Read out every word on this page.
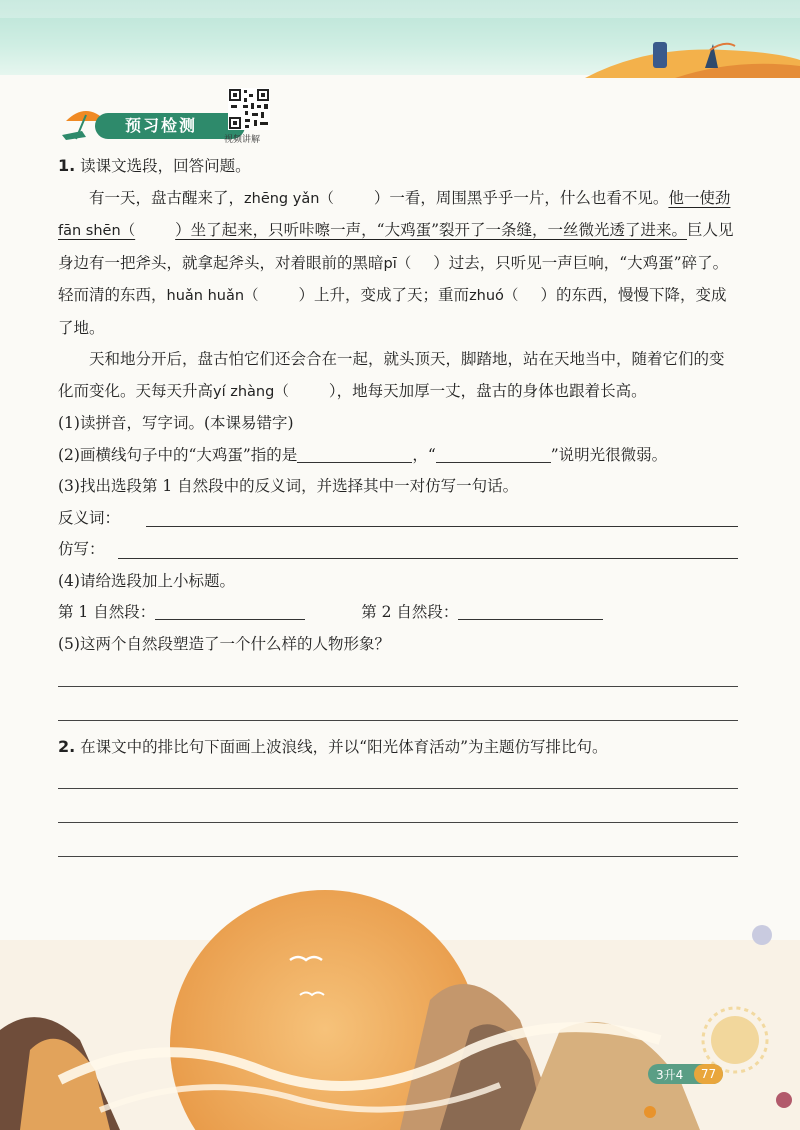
预习检测
视频讲解

1. 读课文选段，回答问题。

有一天，盘古醒来了，zhēng yǎn（	）一看，周围黑乎乎一片，什么也看不见。他一使劲fān shēn（	）坐了起来，只听咔嚓一声，“大鸡蛋”裂开了一条缝，一丝微光透了进来。巨人见身边有一把斧头，就拿起斧头，对着眼前的黑暗pī（ ）过去，只听见一声巨响，“大鸡蛋”碎了。轻而清的东西，huǎn huǎn（	）上升，变成了天；重而zhuó（ ）的东西，慢慢下降，变成了地。

天和地分开后，盘古怕它们还会合在一起，就头顶天，脚踏地，站在天地当中，随着它们的变化而变化。天每天升高yí zhàng（	），地每天加厚一丈，盘古的身体也跟着长高。

(1)读拼音，写字词。(本课易错字)

(2)画横线句子中的“大鸡蛋”指的是	，“	”说明光很微弱。

(3)找出选段第 1 自然段中的反义词，并选择其中一对仿写一句话。

反义词：
仿写：

(4)请给选段加上小标题。

第 1 自然段：	第 2 自然段：

(5)这两个自然段塑造了一个什么样的人物形象？

2. 在课文中的排比句下面画上波浪线，并以“阳光体育活动”为主题仿写排比句。

3升4	77
